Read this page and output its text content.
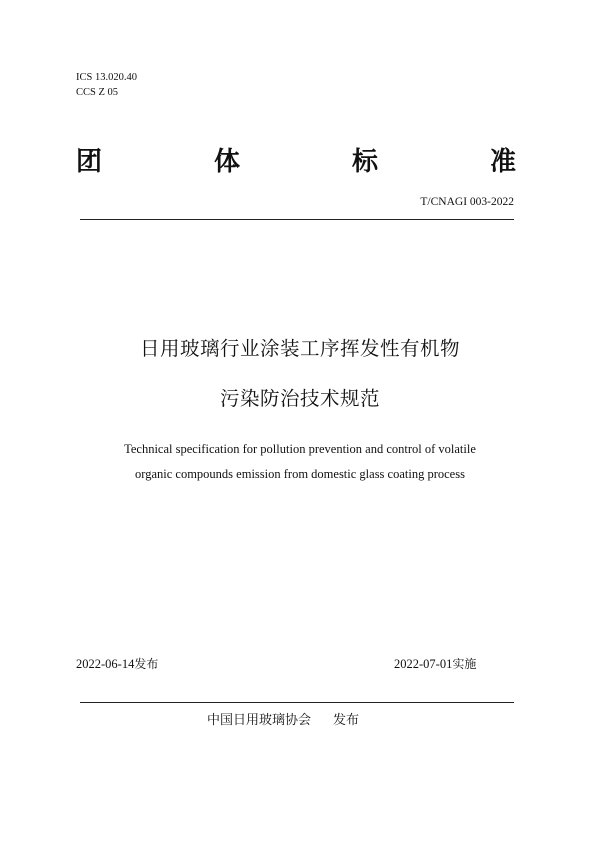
ICS 13.020.40
CCS Z 05
团	体	标	准
T/CNAGI 003-2022
日用玻璃行业涂装工序挥发性有机物
污染防治技术规范
Technical specification for pollution prevention and control of volatile
organic compounds emission from domestic glass coating process
2022-06-14发布	2022-07-01实施
中国日用玻璃协会 发布
